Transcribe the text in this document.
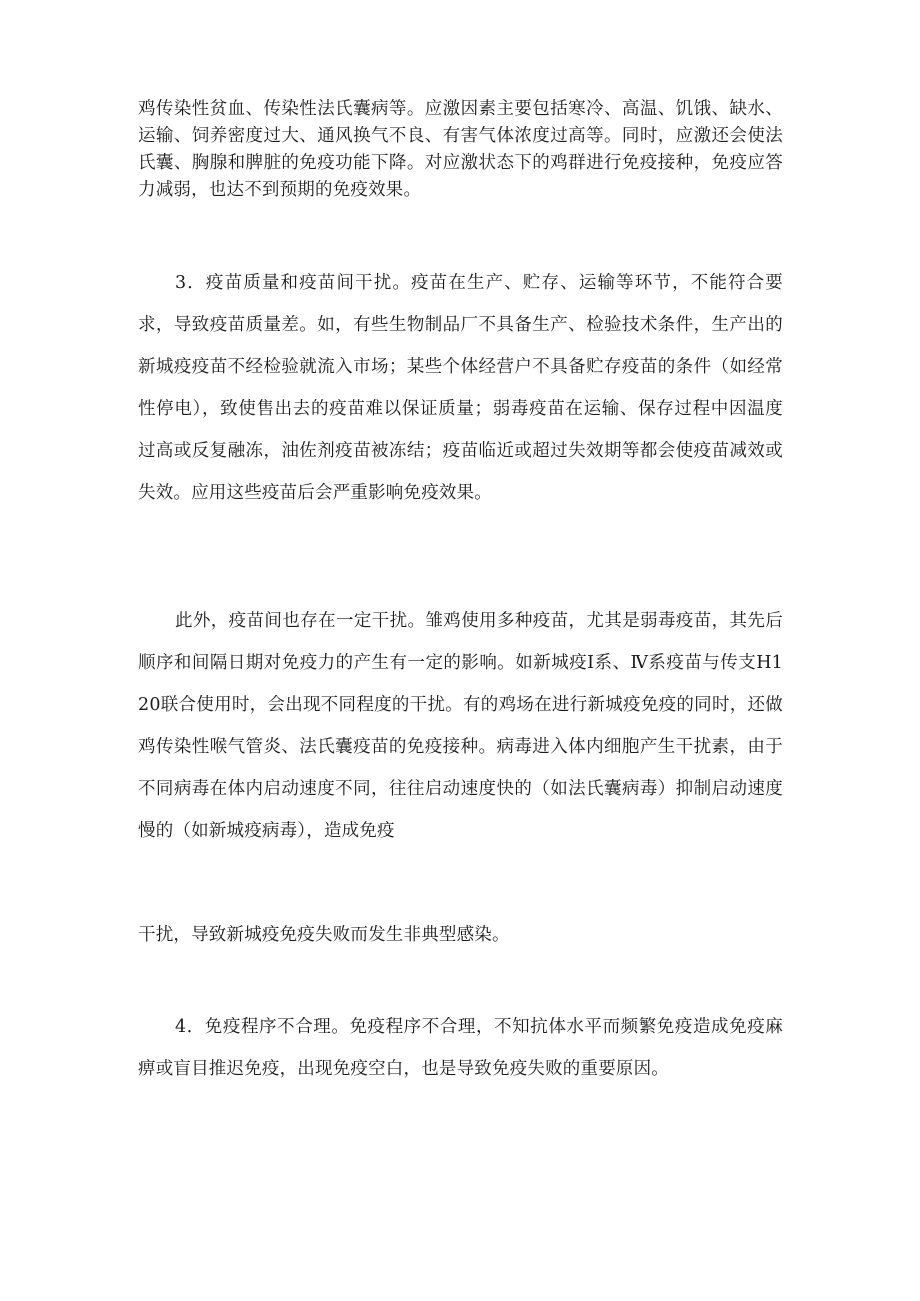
鸡传染性贫血、传染性法氏囊病等。应激因素主要包括寒冷、高温、饥饿、缺水、运输、饲养密度过大、通风换气不良、有害气体浓度过高等。同时，应激还会使法氏囊、胸腺和脾脏的免疫功能下降。对应激状态下的鸡群进行免疫接种，免疫应答力减弱，也达不到预期的免疫效果。

3．疫苗质量和疫苗间干扰。疫苗在生产、贮存、运输等环节，不能符合要求，导致疫苗质量差。如，有些生物制品厂不具备生产、检验技术条件，生产出的新城疫疫苗不经检验就流入市场；某些个体经营户不具备贮存疫苗的条件（如经常性停电），致使售出去的疫苗难以保证质量；弱毒疫苗在运输、保存过程中因温度过高或反复融冻，油佐剂疫苗被冻结；疫苗临近或超过失效期等都会使疫苗减效或失效。应用这些疫苗后会严重影响免疫效果。

此外，疫苗间也存在一定干扰。雏鸡使用多种疫苗，尤其是弱毒疫苗，其先后顺序和间隔日期对免疫力的产生有一定的影响。如新城疫I系、Ⅳ系疫苗与传支H120联合使用时，会出现不同程度的干扰。有的鸡场在进行新城疫免疫的同时，还做鸡传染性喉气管炎、法氏囊疫苗的免疫接种。病毒进入体内细胞产生干扰素，由于不同病毒在体内启动速度不同，往往启动速度快的（如法氏囊病毒）抑制启动速度慢的（如新城疫病毒），造成免疫

干扰，导致新城疫免疫失败而发生非典型感染。

4．免疫程序不合理。免疫程序不合理，不知抗体水平而频繁免疫造成免疫麻痹或盲目推迟免疫，出现免疫空白，也是导致免疫失败的重要原因。
